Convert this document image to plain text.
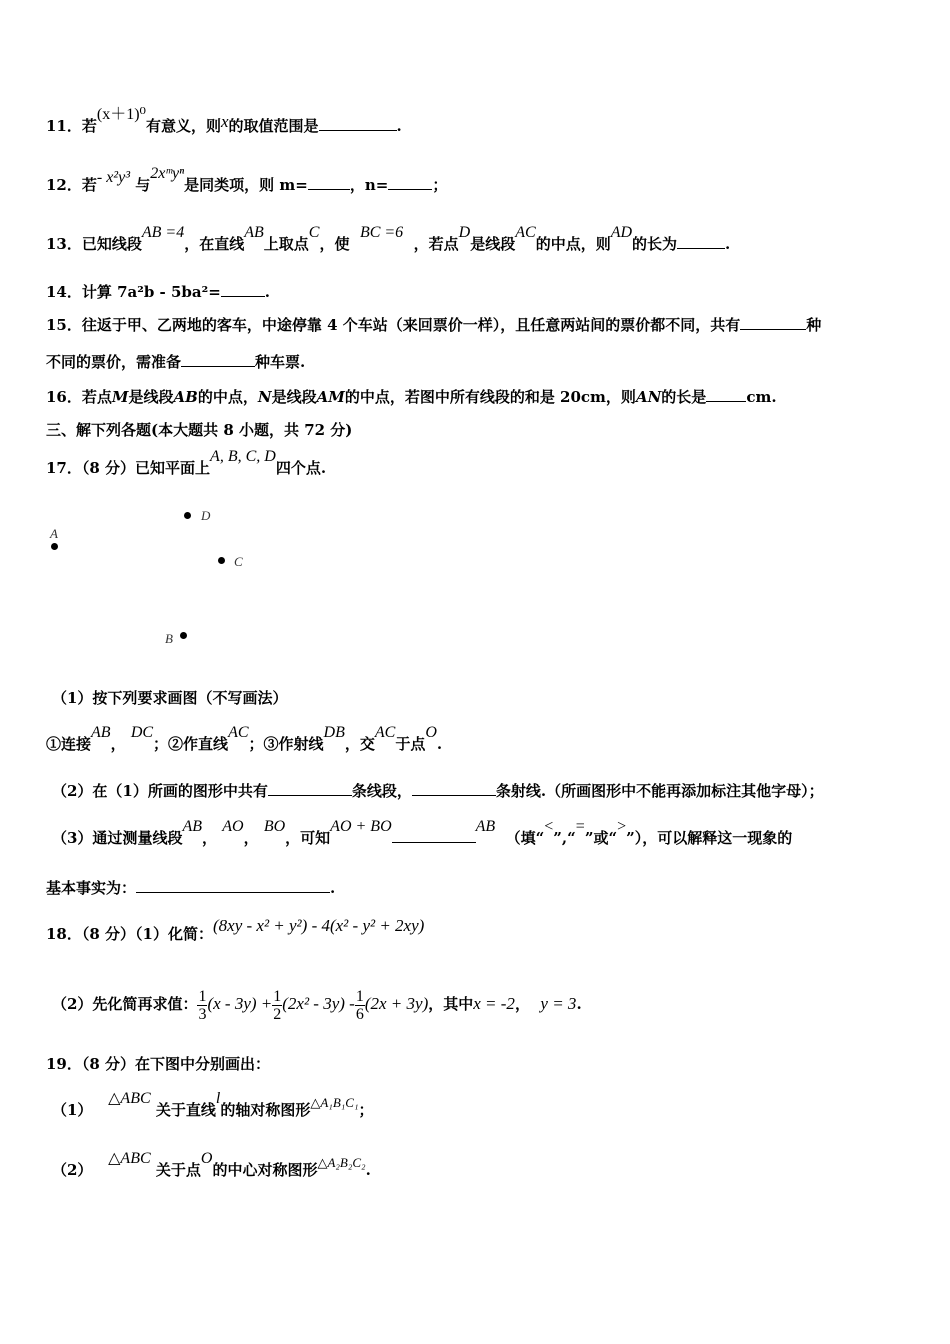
11．若(x＋1)⁰有意义，则x的取值范围是	.
12．若- x²y³ 与2xᵐyⁿ是同类项，则 m=	，n=	；
13．已知线段AB =4，在直线AB上取点C，使  BC =6  ，若点D是线段AC的中点，则AD的长为	.
14．计算 7a²b - 5ba²=	.
15．往返于甲、乙两地的客车，中途停靠 4 个车站（来回票价一样），且任意两站间的票价都不同，共有	种
不同的票价，需准备	种车票.
16．若点M是线段AB的中点，N是线段AM的中点，若图中所有线段的和是 20cm，则AN的长是	cm.
三、解下列各题(本大题共 8 小题，共 72 分)
17．（8 分）已知平面上A, B, C, D四个点.
A
D
C
B
（1）按下列要求画图（不写画法）
①连接AB， DC；②作直线AC；③作射线DB，交AC于点O.
（2）在（1）所画的图形中共有	条线段，	条射线.（所画图形中不能再添加标注其他字母）；
（3）通过测量线段AB， AO， BO，可知AO + BO	AB  （填“<”,“=”或“>”），可以解释这一现象的
基本事实为：	.
18．（8 分）（1）化简：(8xy - x² + y²) - 4(x² - y² + 2xy)
（2）先化简再求值： $\frac{1}{3} (x - 3y) + \frac{1}{2} (2x^2 - 3y) - \frac{1}{6} (2x + 3y)$，其中x = -2， y = 3.
19．（8 分）在下图中分别画出：
（1）   △ABC 关于直线l的轴对称图形△A₁B₁C₁；
（2）   △ABC 关于点O的中心对称图形△A₂B₂C₂.
